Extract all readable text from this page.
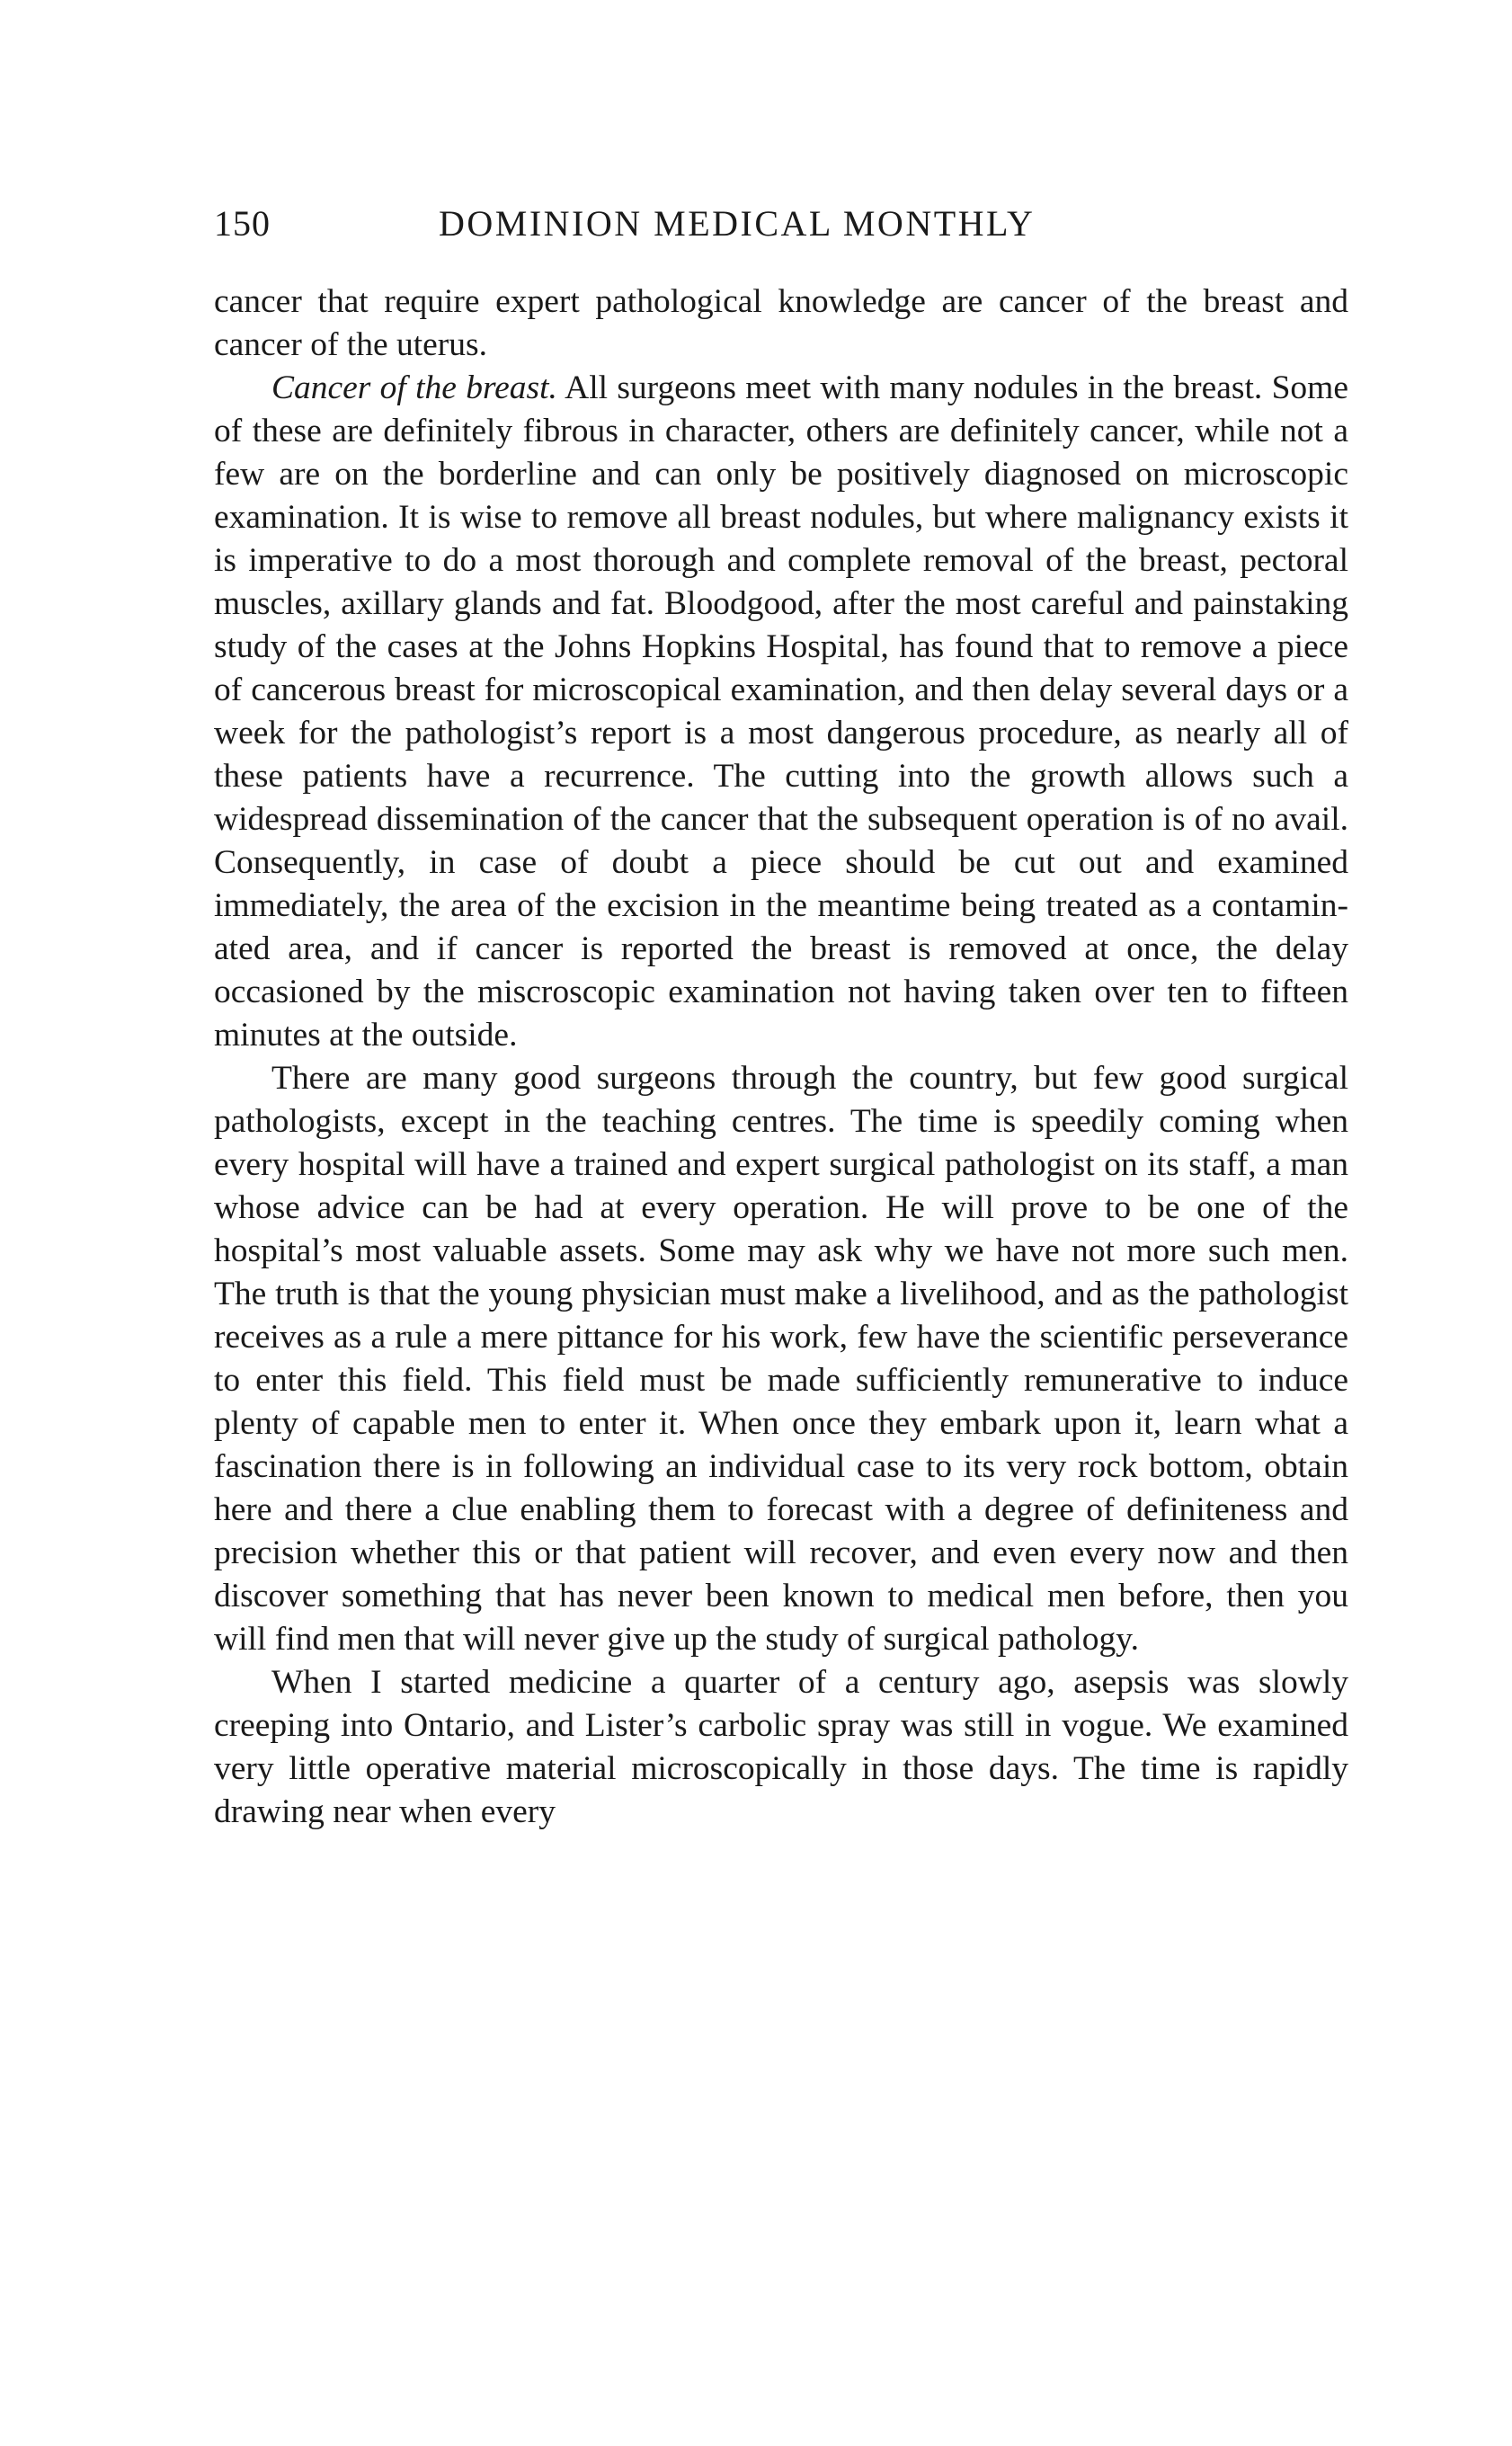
150	DOMINION MEDICAL MONTHLY

cancer that require expert pathological knowledge are cancer of the breast and cancer of the uterus.

Cancer of the breast. All surgeons meet with many nodules in the breast. Some of these are definitely fibrous in character, others are definitely cancer, while not a few are on the borderline and can only be positively diagnosed on microscopic examination. It is wise to remove all breast nodules, but where malignancy exists it is imperative to do a most thorough and complete removal of the breast, pectoral muscles, axillary glands and fat. Bloodgood, after the most careful and painstaking study of the cases at the Johns Hopkins Hospital, has found that to remove a piece of cancerous breast for microscopical examination, and then delay several days or a week for the pathologist’s report is a most dangerous procedure, as nearly all of these patients have a recurrence. The cutting into the growth allows such a widespread dissemination of the cancer that the subsequent operation is of no avail. Consequently, in case of doubt a piece should be cut out and examined immediately, the area of the excision in the meantime being treated as a contaminated area, and if cancer is reported the breast is removed at once, the delay occasioned by the miscroscopic examination not having taken over ten to fifteen minutes at the outside.

There are many good surgeons through the country, but few good surgical pathologists, except in the teaching centres. The time is speedily coming when every hospital will have a trained and expert surgical pathologist on its staff, a man whose advice can be had at every operation. He will prove to be one of the hospital’s most valuable assets. Some may ask why we have not more such men. The truth is that the young physician must make a livelihood, and as the pathologist receives as a rule a mere pittance for his work, few have the scientific perseverance to enter this field. This field must be made sufficiently remunerative to induce plenty of capable men to enter it. When once they embark upon it, learn what a fascination there is in following an individual case to its very rock bottom, obtain here and there a clue enabling them to forecast with a degree of definiteness and precision whether this or that patient will recover, and even every now and then discover something that has never been known to medical men before, then you will find men that will never give up the study of surgical pathology.

When I started medicine a quarter of a century ago, asepsis was slowly creeping into Ontario, and Lister’s carbolic spray was still in vogue. We examined very little operative material microscopically in those days. The time is rapidly drawing near when every
